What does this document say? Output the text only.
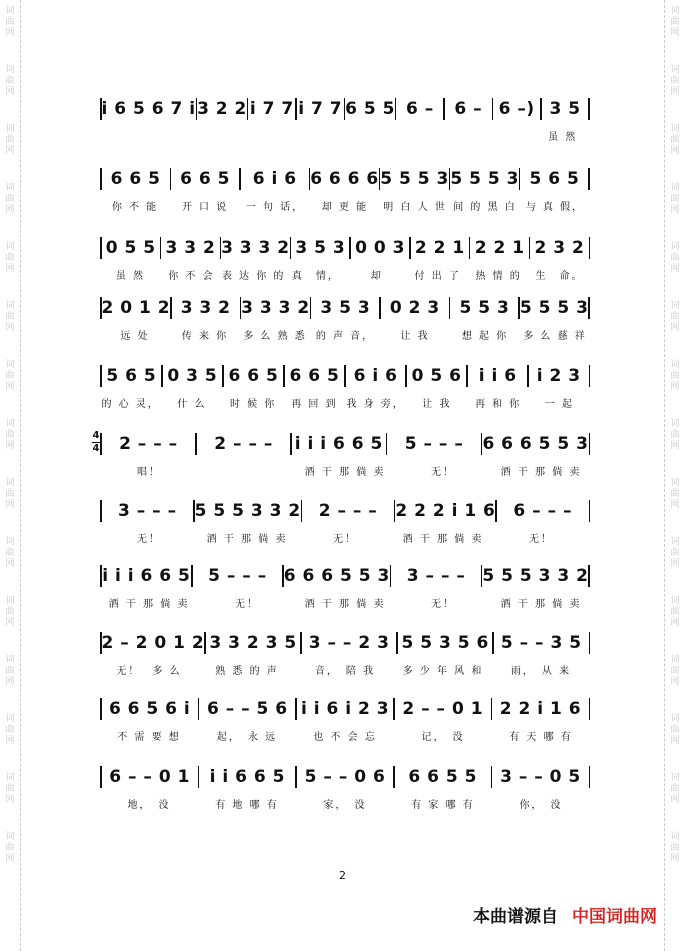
词
曲
网
词
曲
网
词
曲
网
词
曲
网
词
曲
网
词
曲
网
词
曲
网
词
曲
网
词
曲
网
词
曲
网
词
曲
网
词
曲
网
词
曲
网
词
曲
网
词
曲
网
词
曲
网
词
曲
网
词
曲
网
词
曲
网
词
曲
网
词
曲
网
词
曲
网
词
曲
网
词
曲
网
词
曲
网
词
曲
网
词
曲
网
词
曲
网
词
曲
网
词
曲
网
i 6 5 6 7 i 3 2 2 i 7 7 i 7 7 6 5 5 6 –	6 – 6 –) 3 5
虽 然
6 6 5	6 6 5	6 i 6 6 6 6 6 5 5 5 3 5 5 5 3 5 6 5
你 不 能	开 口 说	一 句 话，	却 更 能	明 白 人 世 间 的 黑 白 与 真 假，
0 5 5 3 3 2 3 3 3 2 3 5 3 0 0 3 2 2 1 2 2 1 2 3 2
虽 然	你 不 会 表 达 你 的 真　情，	却	付 出 了	热 情 的	生　命。
2 0 1 2 3 3 2 3 3 3 2 3 5 3	0 2 3	5 5 3 5 5 5 3
远 处	传 来 你	多 么 熟 悉 的 声 音，	让 我	想 起 你	多 么 慈 祥
5 6 5 0 3 5 6 6 5 6 6 5 6 i 6 0 5 6	i i 6	i 2 3
的 心 灵，	什 么	时 候 你	再 回 到 我 身 旁，	让 我	再 和 你	一 起
4
4	2 – – –	2 – – –	i i i 6 6 5	5 – – –	6 6 6 5 5 3
唱！	酒 干 那 倘 卖	无！	酒 干 那 倘 卖
3 – – –	5 5 5 3 3 2	2 – – –	2 2 2 i 1 6	6 – – –
无！	酒 干 那 倘 卖	无！	酒 干 那 倘 卖	无！
i i i 6 6 5	5 – – –	6 6 6 5 5 3	3 – – –	5 5 5 3 3 2
酒 干 那 倘 卖	无！	酒 干 那 倘 卖	无！	酒 干 那 倘 卖
2 – 2 0 1 2 3 3 2 3 5 3 – – 2 3 5 5 3 5 6 5 – – 3 5
无！　多 么	熟 悉 的 声	音，　陪 我	多 少 年 风 和	雨，　从 来
6 6 5 6 i 6 – – 5 6 i i 6 i 2 3 2 – – 0 1 2 2 i 1 6
不 需 要 想	起，　永 远	也 不 会 忘	记，　没	有 天 哪 有
6 – – 0 1	i i 6 6 5	5 – – 0 6	6 6 5 5	3 – – 0 5
地，　没	有 地 哪 有	家，　没	有 家 哪 有	你，　没
2
本曲谱源自 中国词曲网
